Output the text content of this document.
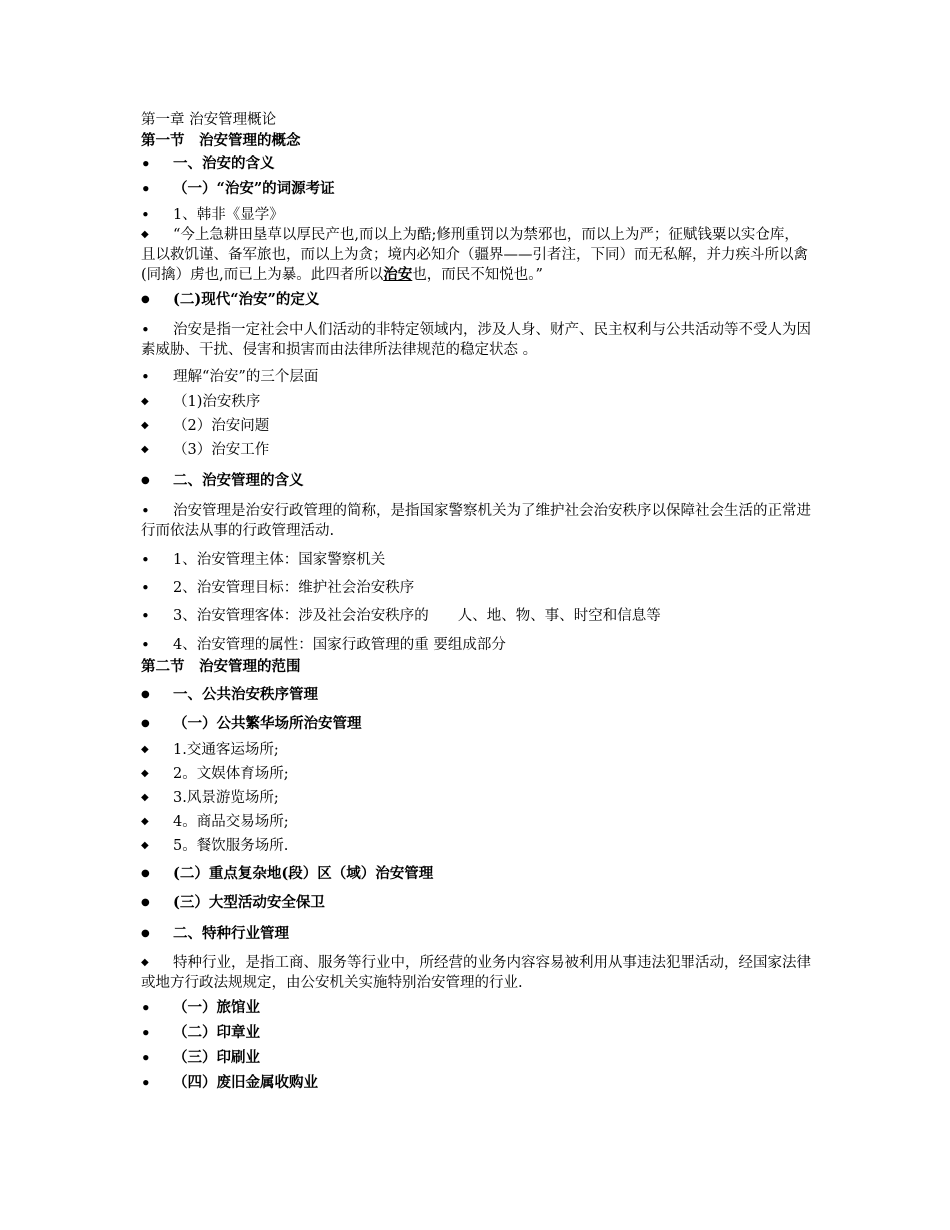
第一章 治安管理概论
第一节　治安管理的概念
•
一、治安的含义
•
（一）“治安”的词源考证
•
1、韩非《显学》
◆
“今上急耕田垦草以厚民产也,而以上为酷;修刑重罚以为禁邪也，而以上为严；征赋钱粟以实仓库，且以救饥谨、备军旅也，而以上为贪；境内必知介（疆界——引者注，下同）而无私解，并力疾斗所以禽(同擒）虏也,而已上为暴。此四者所以治安也，而民不知悦也。”
●
(二)现代“治安”的定义
•
治安是指一定社会中人们活动的非特定领域内，涉及人身、财产、民主权利与公共活动等不受人为因素威胁、干扰、侵害和损害而由法律所法律规范的稳定状态 。
•
理解“治安”的三个层面
◆
（1)治安秩序
◆
（2）治安问题
◆
（3）治安工作
●
二、治安管理的含义
•
治安管理是治安行政管理的简称，是指国家警察机关为了维护社会治安秩序以保障社会生活的正常进行而依法从事的行政管理活动.
•
1、治安管理主体：国家警察机关
•
2、治安管理目标：维护社会治安秩序
•
3、治安管理客体：涉及社会治安秩序的　　人、地、物、事、时空和信息等
•
4、治安管理的属性：国家行政管理的重 要组成部分
第二节　治安管理的范围
●
一、公共治安秩序管理
●
（一）公共繁华场所治安管理
◆
1.交通客运场所;
◆
2。文娱体育场所;
◆
3.风景游览场所;
◆
4。商品交易场所;
◆
5。餐饮服务场所.
●
(二）重点复杂地(段）区（域）治安管理
●
(三）大型活动安全保卫
●
二、特种行业管理
◆
特种行业，是指工商、服务等行业中，所经营的业务内容容易被利用从事违法犯罪活动，经国家法律或地方行政法规规定，由公安机关实施特别治安管理的行业.
•
（一）旅馆业
•
（二）印章业
•
（三）印刷业
•
（四）废旧金属收购业
